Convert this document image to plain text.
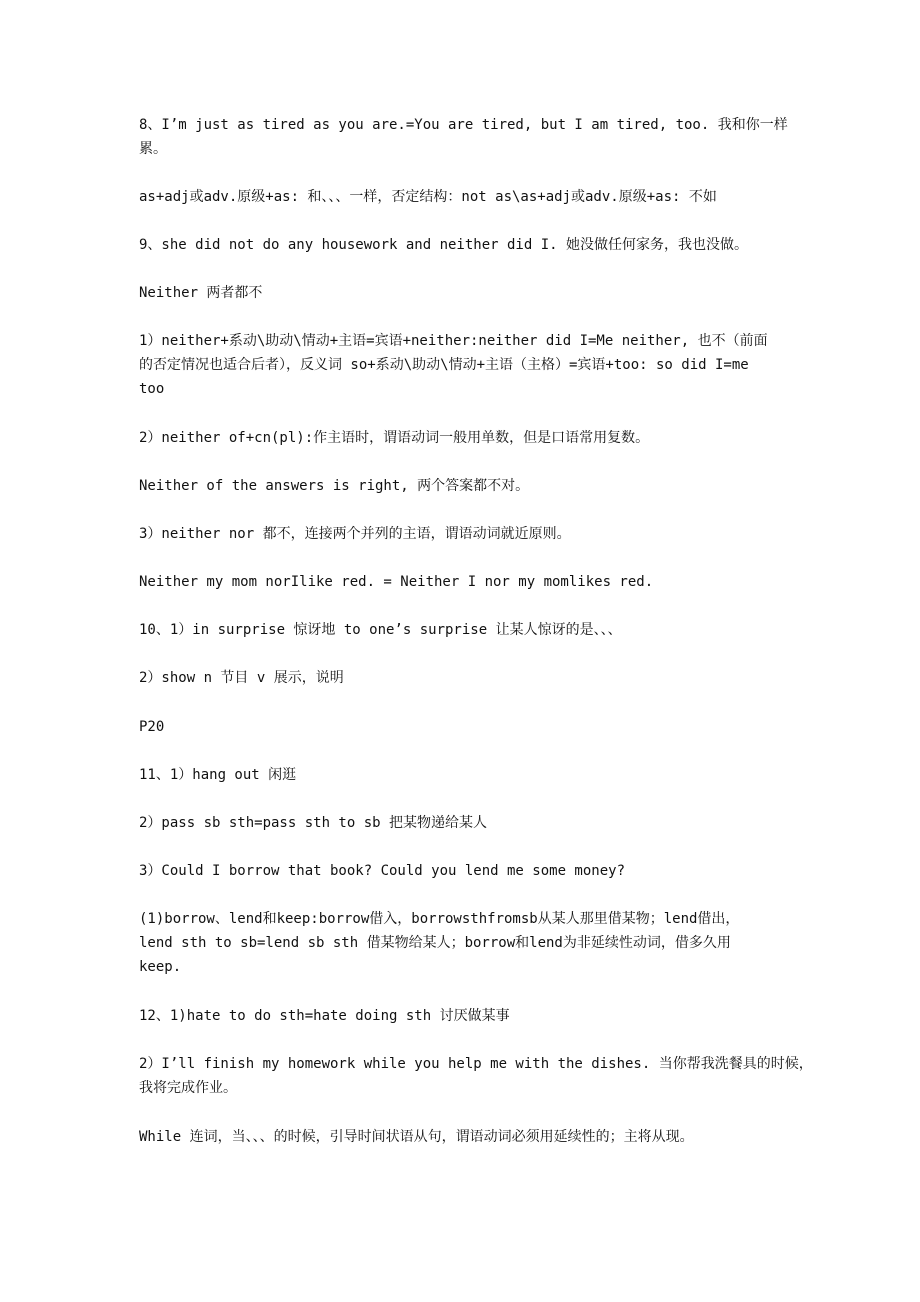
8、I’m just as tired as you are.=You are tired, but I am tired, too. 我和你一样
累。
as+adj或adv.原级+as: 和、、、一样，否定结构：not as\as+adj或adv.原级+as: 不如
9、she did not do any housework and neither did I. 她没做任何家务，我也没做。
Neither 两者都不
1）neither+系动\助动\情动+主语=宾语+neither:neither did I=Me neither, 也不（前面
的否定情况也适合后者），反义词 so+系动\助动\情动+主语（主格）=宾语+too: so did I=me
too
2）neither of+cn(pl):作主语时，谓语动词一般用单数，但是口语常用复数。
Neither of the answers is right, 两个答案都不对。
3）neither nor 都不，连接两个并列的主语，谓语动词就近原则。
Neither my mom norIlike red. = Neither I nor my momlikes red.
10、1）in surprise 惊讶地 to one’s surprise 让某人惊讶的是、、、
2）show n 节目 v 展示，说明
P20
11、1）hang out 闲逛
2）pass sb sth=pass sth to sb 把某物递给某人
3）Could I borrow that book? Could you lend me some money?
(1)borrow、lend和keep:borrow借入，borrowsthfromsb从某人那里借某物；lend借出，
lend sth to sb=lend sb sth 借某物给某人；borrow和lend为非延续性动词，借多久用
keep.
12、1)hate to do sth=hate doing sth 讨厌做某事
2）I’ll finish my homework while you help me with the dishes. 当你帮我洗餐具的时候，
我将完成作业。
While 连词，当、、、的时候，引导时间状语从句，谓语动词必须用延续性的；主将从现。
